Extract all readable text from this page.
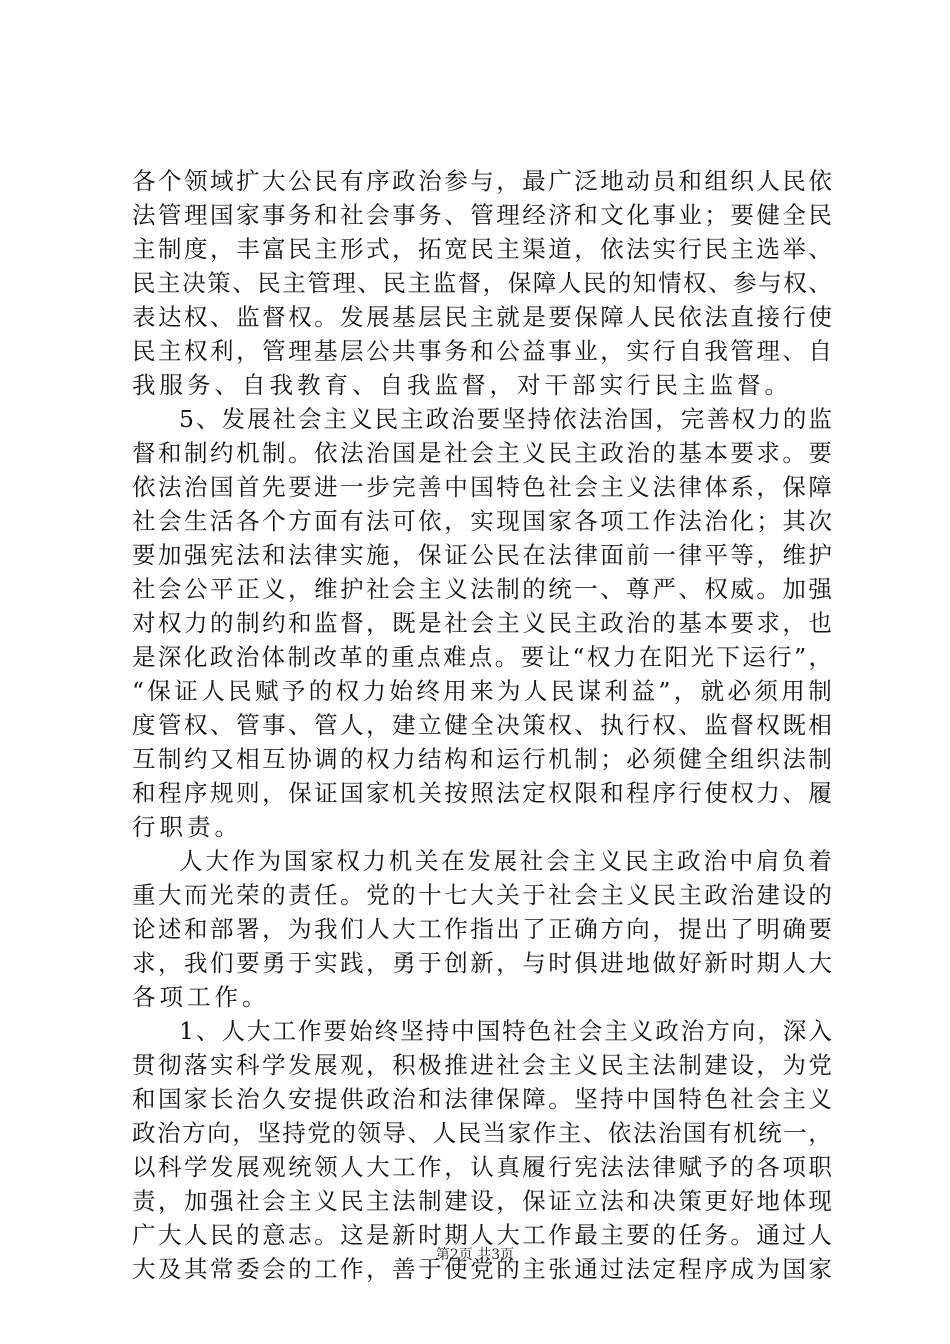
各 个 领 域 扩 大 公 民 有 序 政 治 参 与 ， 最 广 泛 地 动 员 和 组 织 人 民 依
法 管 理 国 家 事 务 和 社 会 事 务 、 管 理 经 济 和 文 化 事 业 ； 要 健 全 民
主 制 度 ， 丰 富 民 主 形 式 ， 拓 宽 民 主 渠 道 ， 依 法 实 行 民 主 选 举 、
民 主 决 策 、 民 主 管 理 、 民 主 监 督 ， 保 障 人 民 的 知 情 权 、 参 与 权 、
表 达 权 、 监 督 权 。 发 展 基 层 民 主 就 是 要 保 障 人 民 依 法 直 接 行 使
民 主 权 利 ， 管 理 基 层 公 共 事 务 和 公 益 事 业 ， 实 行 自 我 管 理 、 自
我服务、自我教育、自我监督，对干部实行民主监督。
5 、 发 展 社 会 主 义 民 主 政 治 要 坚 持 依 法 治 国 ， 完 善 权 力 的 监
督 和 制 约 机 制 。 依 法 治 国 是 社 会 主 义 民 主 政 治 的 基 本 要 求 。 要
依 法 治 国 首 先 要 进 一 步 完 善 中 国 特 色 社 会 主 义 法 律 体 系 ， 保 障
社 会 生 活 各 个 方 面 有 法 可 依 ， 实 现 国 家 各 项 工 作 法 治 化 ； 其 次
要 加 强 宪 法 和 法 律 实 施 ， 保 证 公 民 在 法 律 面 前 一 律 平 等 ， 维 护
社 会 公 平 正 义 ， 维 护 社 会 主 义 法 制 的 统 一 、 尊 严 、 权 威 。 加 强
对 权 力 的 制 约 和 监 督 ， 既 是 社 会 主 义 民 主 政 治 的 基 本 要 求 ， 也
是 深 化 政 治 体 制 改 革 的 重 点 难 点 。 要 让 “ 权 力 在 阳 光 下 运 行 ” ，
“ 保 证 人 民 赋 予 的 权 力 始 终 用 来 为 人 民 谋 利 益 ” ， 就 必 须 用 制
度 管 权 、 管 事 、 管 人 ， 建 立 健 全 决 策 权 、 执 行 权 、 监 督 权 既 相
互 制 约 又 相 互 协 调 的 权 力 结 构 和 运 行 机 制 ； 必 须 健 全 组 织 法 制
和 程 序 规 则 ， 保 证 国 家 机 关 按 照 法 定 权 限 和 程 序 行 使 权 力 、 履
行职责。
人 大 作 为 国 家 权 力 机 关 在 发 展 社 会 主 义 民 主 政 治 中 肩 负 着
重 大 而 光 荣 的 责 任 。 党 的 十 七 大 关 于 社 会 主 义 民 主 政 治 建 设 的
论 述 和 部 署 ， 为 我 们 人 大 工 作 指 出 了 正 确 方 向 ， 提 出 了 明 确 要
求 ， 我 们 要 勇 于 实 践 ， 勇 于 创 新 ， 与 时 俱 进 地 做 好 新 时 期 人 大
各项工作。
1 、 人 大 工 作 要 始 终 坚 持 中 国 特 色 社 会 主 义 政 治 方 向 ， 深 入
贯 彻 落 实 科 学 发 展 观 ， 积 极 推 进 社 会 主 义 民 主 法 制 建 设 ， 为 党
和 国 家 长 治 久 安 提 供 政 治 和 法 律 保 障 。 坚 持 中 国 特 色 社 会 主 义
政 治 方 向 ， 坚 持 党 的 领 导 、 人 民 当 家 作 主 、 依 法 治 国 有 机 统 一 ，
以 科 学 发 展 观 统 领 人 大 工 作 ， 认 真 履 行 宪 法 法 律 赋 予 的 各 项 职
责 ， 加 强 社 会 主 义 民 主 法 制 建 设 ， 保 证 立 法 和 决 策 更 好 地 体 现
广 大 人 民 的 意 志 。 这 是 新 时 期 人 大 工 作 最 主 要 的 任 务 。 通 过 人
大 及 其 常 委 会 的 工 作 ， 善 于 使 党 的 主 张 通 过 法 定 程 序 成 为 国 家
第2页 共3页
